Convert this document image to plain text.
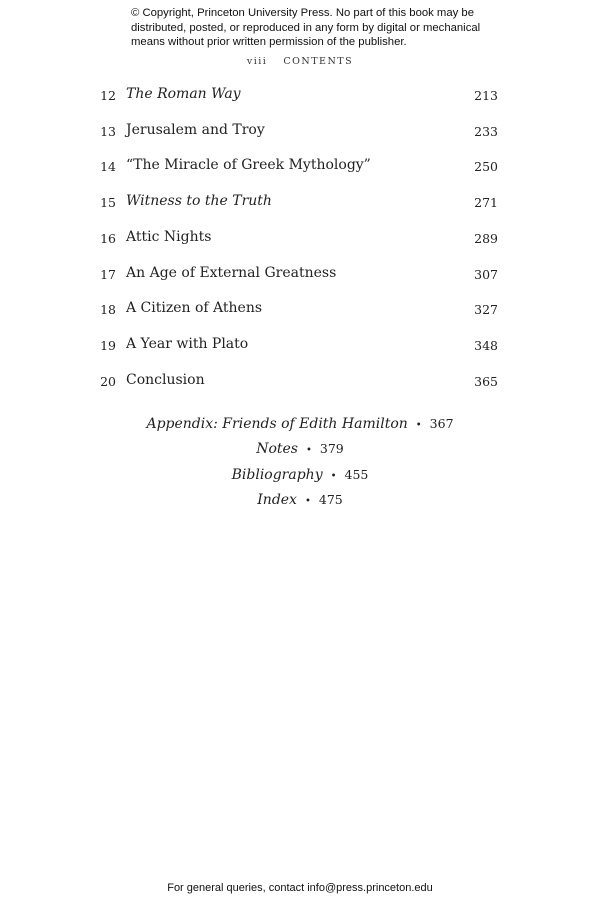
© Copyright, Princeton University Press. No part of this book may be
distributed, posted, or reproduced in any form by digital or mechanical
means without prior written permission of the publisher.
viii CONTENTS
12 The Roman Way	213
13 Jerusalem and Troy	233
14 “The Miracle of Greek Mythology”	250
15 Witness to the Truth	271
16 Attic Nights	289
17 An Age of External Greatness	307
18 A Citizen of Athens	327
19 A Year with Plato	348
20 Conclusion	365
Appendix: Friends of Edith Hamilton • 367
Notes • 379
Bibliography • 455
Index • 475
For general queries, contact info@press.princeton.edu
